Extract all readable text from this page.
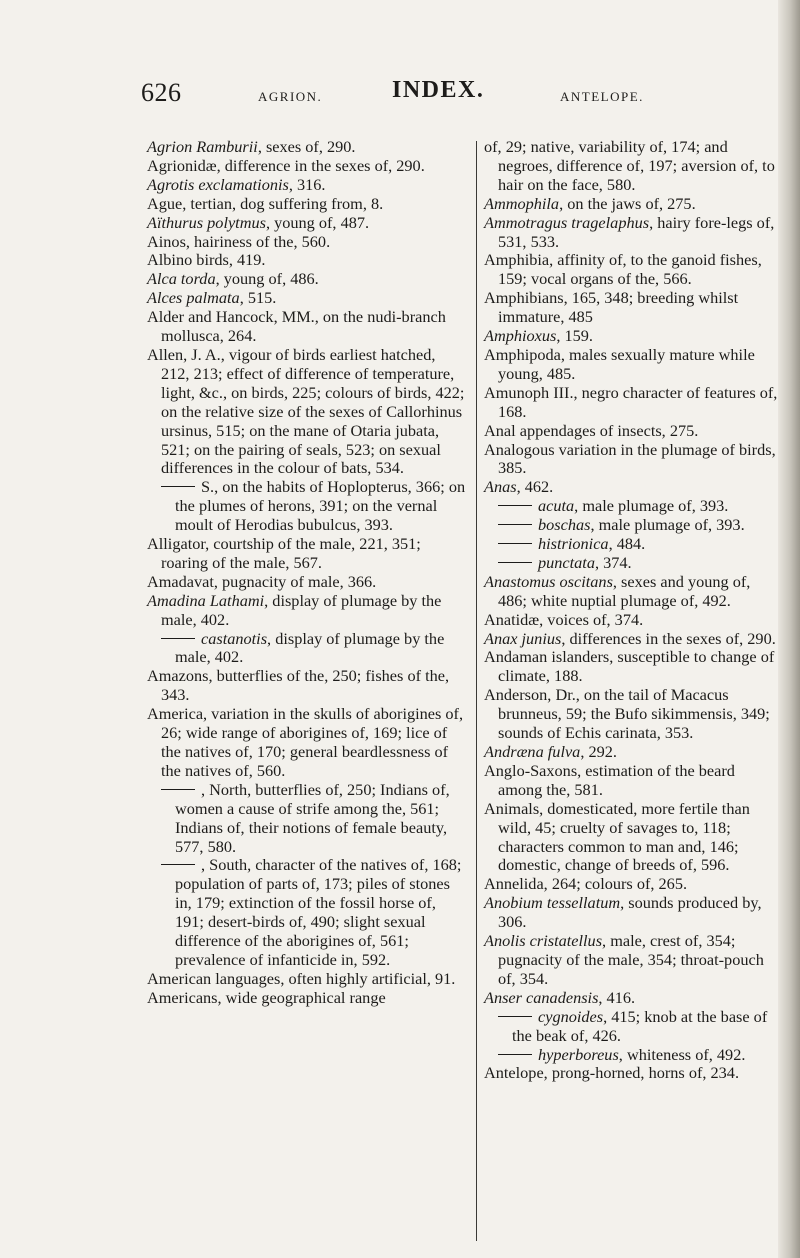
626	AGRION.	INDEX.	ANTELOPE.

Agrion Ramburii, sexes of, 290.

Agrionidæ, difference in the sexes of, 290.

Agrotis exclamationis, 316.

Ague, tertian, dog suffering from, 8.

Aïthurus polytmus, young of, 487.

Ainos, hairiness of the, 560.

Albino birds, 419.

Alca torda, young of, 486.

Alces palmata, 515.

Alder and Hancock, MM., on the nudi-branch mollusca, 264.

Allen, J. A., vigour of birds earliest hatched, 212, 213; effect of difference of temperature, light, &c., on birds, 225; colours of birds, 422; on the relative size of the sexes of Callorhinus ursinus, 515; on the mane of Otaria jubata, 521; on the pairing of seals, 523; on sexual differences in the colour of bats, 534.

S., on the habits of Hoplopterus, 366; on the plumes of herons, 391; on the vernal moult of Herodias bubulcus, 393.

Alligator, courtship of the male, 221, 351; roaring of the male, 567.

Amadavat, pugnacity of male, 366.

Amadina Lathami, display of plumage by the male, 402.

castanotis, display of plumage by the male, 402.

Amazons, butterflies of the, 250; fishes of the, 343.

America, variation in the skulls of aborigines of, 26; wide range of aborigines of, 169; lice of the natives of, 170; general beardlessness of the natives of, 560.

, North, butterflies of, 250; Indians of, women a cause of strife among the, 561; Indians of, their notions of female beauty, 577, 580.

, South, character of the natives of, 168; population of parts of, 173; piles of stones in, 179; extinction of the fossil horse of, 191; desert-birds of, 490; slight sexual difference of the aborigines of, 561; prevalence of infanticide in, 592.

American languages, often highly artificial, 91.

Americans, wide geographical range

of, 29; native, variability of, 174; and negroes, difference of, 197; aversion of, to hair on the face, 580.

Ammophila, on the jaws of, 275.

Ammotragus tragelaphus, hairy fore-legs of, 531, 533.

Amphibia, affinity of, to the ganoid fishes, 159; vocal organs of the, 566.

Amphibians, 165, 348; breeding whilst immature, 485

Amphioxus, 159.

Amphipoda, males sexually mature while young, 485.

Amunoph III., negro character of features of, 168.

Anal appendages of insects, 275.

Analogous variation in the plumage of birds, 385.

Anas, 462.

acuta, male plumage of, 393.

boschas, male plumage of, 393.

histrionica, 484.

punctata, 374.

Anastomus oscitans, sexes and young of, 486; white nuptial plumage of, 492.

Anatidæ, voices of, 374.

Anax junius, differences in the sexes of, 290.

Andaman islanders, susceptible to change of climate, 188.

Anderson, Dr., on the tail of Macacus brunneus, 59; the Bufo sikimmensis, 349; sounds of Echis carinata, 353.

Andræna fulva, 292.

Anglo-Saxons, estimation of the beard among the, 581.

Animals, domesticated, more fertile than wild, 45; cruelty of savages to, 118; characters common to man and, 146; domestic, change of breeds of, 596.

Annelida, 264; colours of, 265.

Anobium tessellatum, sounds produced by, 306.

Anolis cristatellus, male, crest of, 354; pugnacity of the male, 354; throat-pouch of, 354.

Anser canadensis, 416.

cygnoides, 415; knob at the base of the beak of, 426.

hyperboreus, whiteness of, 492.

Antelope, prong-horned, horns of, 234.
